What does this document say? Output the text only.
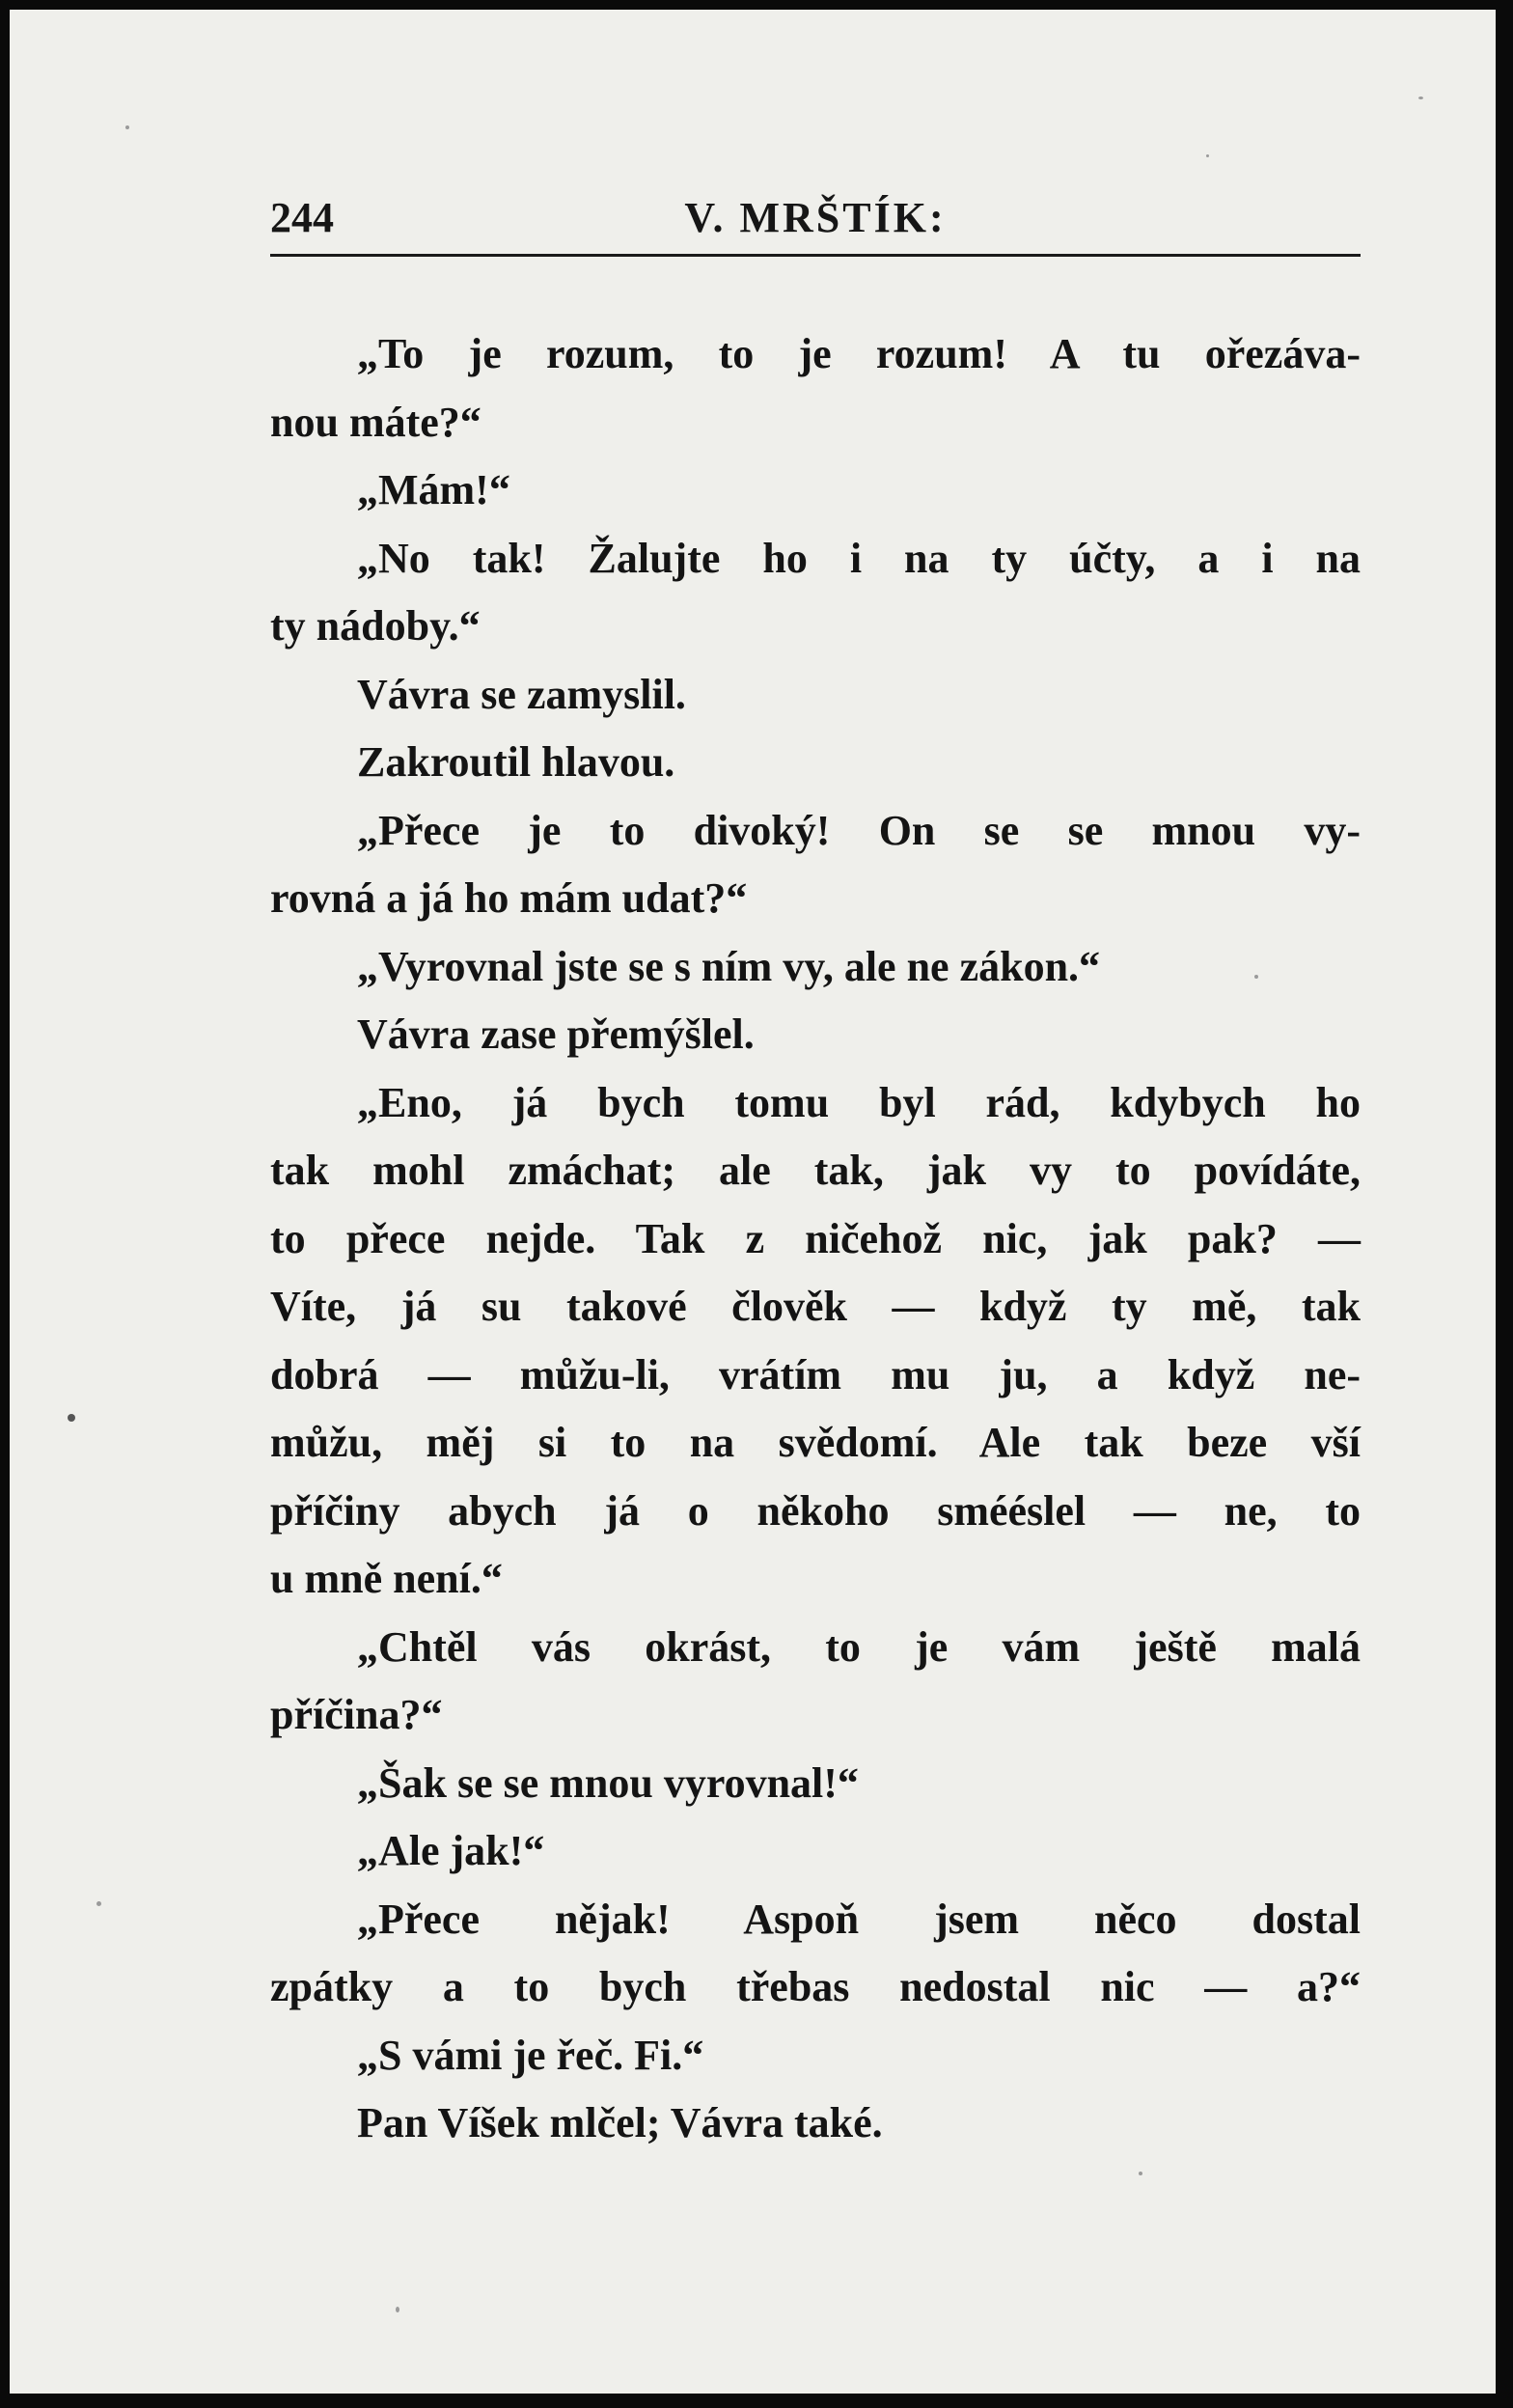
244	V. MRŠTÍK:
„To je rozum, to je rozum! A tu ořezáva-
nou máte?“
„Mám!“
„No tak! Žalujte ho i na ty účty, a i na
ty nádoby.“
Vávra se zamyslil.
Zakroutil hlavou.
„Přece je to divoký! On se se mnou vy-
rovná a já ho mám udat?“
„Vyrovnal jste se s ním vy, ale ne zákon.“
Vávra zase přemýšlel.
„Eno, já bych tomu byl rád, kdybych ho
tak mohl zmáchat; ale tak, jak vy to povídáte,
to přece nejde. Tak z ničehož nic, jak pak? —
Víte, já su takové člověk — když ty mě, tak
dobrá — můžu-li, vrátím mu ju, a když ne-
můžu, měj si to na svědomí. Ale tak beze vší
příčiny abych já o někoho smééslel — ne, to
u mně není.“
„Chtěl vás okrást, to je vám ještě malá
příčina?“
„Šak se se mnou vyrovnal!“
„Ale jak!“
„Přece nějak! Aspoň jsem něco dostal
zpátky a to bych třebas nedostal nic — a?“
„S vámi je řeč. Fi.“
Pan Víšek mlčel; Vávra také.
